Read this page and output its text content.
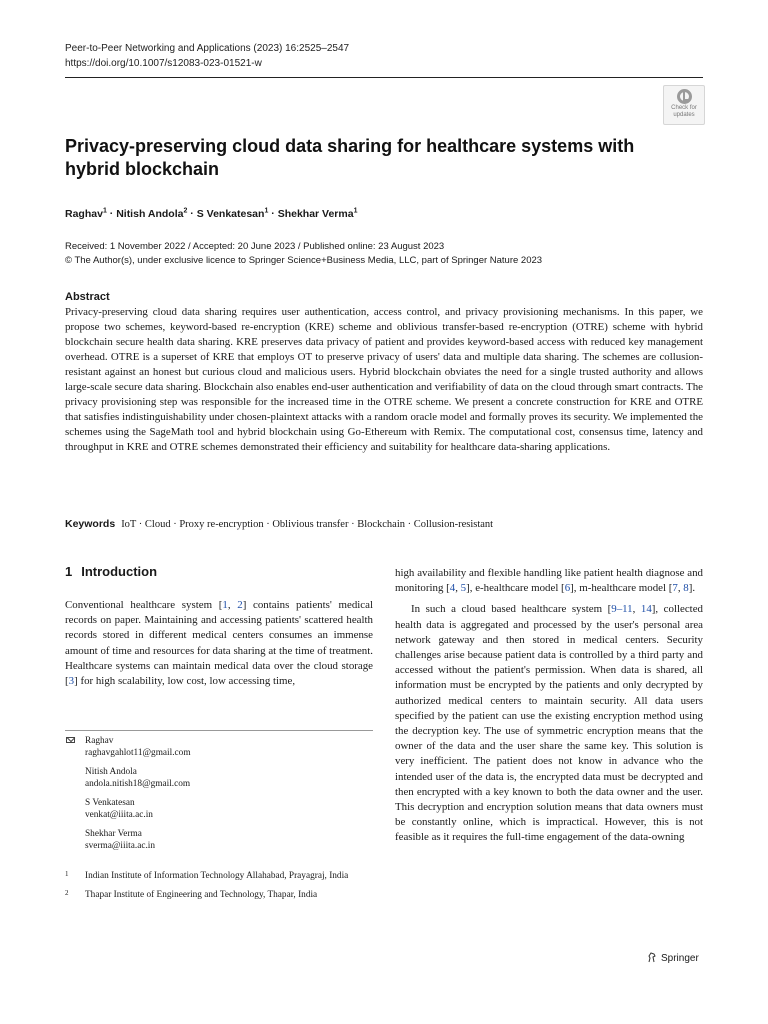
Peer-to-Peer Networking and Applications (2023) 16:2525–2547
https://doi.org/10.1007/s12083-023-01521-w
Check for
updates
Privacy-preserving cloud data sharing for healthcare systems with hybrid blockchain
Raghav$^1$ · Nitish Andola$^2$ · S Venkatesan$^1$ · Shekhar Verma$^1$
Received: 1 November 2022 / Accepted: 20 June 2023 / Published online: 23 August 2023
© The Author(s), under exclusive licence to Springer Science+Business Media, LLC, part of Springer Nature 2023
Abstract

Privacy-preserving cloud data sharing requires user authentication, access control, and privacy provisioning mechanisms. In this paper, we propose two schemes, keyword-based re-encryption (KRE) scheme and oblivious transfer-based re-encryption (OTRE) scheme with hybrid blockchain secure health data sharing. KRE preserves data privacy of patient and provides keyword-based access with reduced key management overhead. OTRE is a superset of KRE that employs OT to preserve privacy of users' data and multiple data sharing. The schemes are collusion-resistant against an honest but curious cloud and malicious users. Hybrid blockchain obviates the need for a single trusted authority and allows large-scale secure data sharing. Blockchain also enables end-user authentication and verifiability of data on the cloud through smart contracts. The privacy provisioning step was responsible for the increased time in the OTRE scheme. We present a concrete construction for KRE and OTRE that satisfies indistinguishability under chosen-plaintext attacks with a random oracle model and formally proves its security. We implemented the schemes using the SageMath tool and hybrid blockchain using Go-Ethereum with Remix. The computational cost, consensus time, latency and throughput in KRE and OTRE schemes demonstrated their efficiency and suitability for healthcare data-sharing applications.

Keywords IoT · Cloud · Proxy re-encryption · Oblivious transfer · Blockchain · Collusion-resistant
1 Introduction

Conventional healthcare system [1, 2] contains patients' medical records on paper. Maintaining and accessing patients' scattered health records stored in different medical centers consumes an immense amount of time and resources for data sharing at the time of treatment. Healthcare systems can maintain medical data over the cloud storage [3] for high scalability, low cost, low accessing time,

Raghav
raghavgahlot11@gmail.com
Nitish Andola
andola.nitish18@gmail.com
S Venkatesan
venkat@iiita.ac.in
Shekhar Verma
sverma@iiita.ac.in
1 Indian Institute of Information Technology Allahabad, Prayagraj, India
2 Thapar Institute of Engineering and Technology, Thapar, India

high availability and flexible handling like patient health diagnose and monitoring [4, 5], e-healthcare model [6], m-healthcare model [7, 8].

In such a cloud based healthcare system [9–11, 14], collected health data is aggregated and processed by the user's personal area network gateway and then stored in medical centers. Security challenges arise because patient data is controlled by a third party and accessed without the patient's permission. When data is shared, all information must be encrypted by the patients and only decrypted by authorized medical centers to maintain security. All data users specified by the patient can use the existing encryption method using the decryption key. The use of symmetric encryption means that the owner of the data and the user share the same key. This solution is very inefficient. The patient does not know in advance who the intended user of the data is, the encrypted data must be decrypted and then encrypted with a key known to both the data owner and the user. This decryption and encryption solution means that data owners must be constantly online, which is impractical. However, this is not feasible as it requires the full-time engagement of the data-owning

Springer
